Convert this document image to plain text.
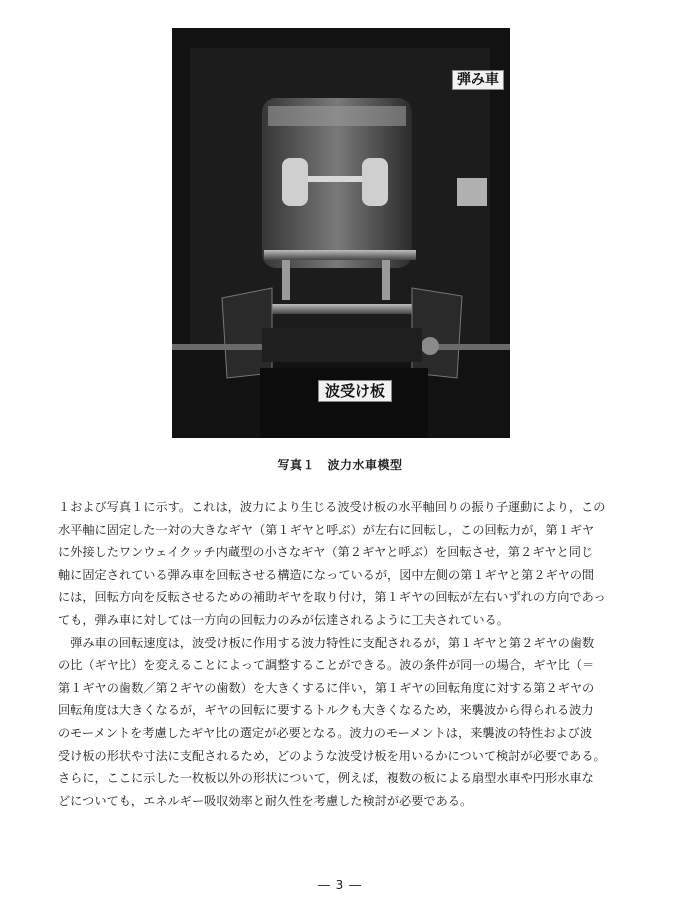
弾み車
波受け板
写真１　波力水車模型
１および写真１に示す。これは，波力により生じる波受け板の水平軸回りの振り子運動により，この
水平軸に固定した一対の大きなギヤ（第１ギヤと呼ぶ）が左右に回転し，この回転力が，第１ギヤ
に外接したワンウェイクッチ内蔵型の小さなギヤ（第２ギヤと呼ぶ）を回転させ，第２ギヤと同じ
軸に固定されている弾み車を回転させる構造になっているが，図中左側の第１ギヤと第２ギヤの間
には，回転方向を反転させるための補助ギヤを取り付け，第１ギヤの回転が左右いずれの方向であっ
ても，弾み車に対しては一方向の回転力のみが伝達されるように工夫されている。
　弾み車の回転速度は，波受け板に作用する波力特性に支配されるが，第１ギヤと第２ギヤの歯数
の比（ギヤ比）を変えることによって調整することができる。波の条件が同一の場合，ギヤ比（＝
第１ギヤの歯数／第２ギヤの歯数）を大きくするに伴い，第１ギヤの回転角度に対する第２ギヤの
回転角度は大きくなるが，ギヤの回転に要するトルクも大きくなるため，来襲波から得られる波力
のモーメントを考慮したギヤ比の選定が必要となる。波力のモーメントは，来襲波の特性および波
受け板の形状や寸法に支配されるため，どのような波受け板を用いるかについて検討が必要である。
さらに，ここに示した一枚板以外の形状について，例えば，複数の板による扇型水車や円形水車な
どについても，エネルギー吸収効率と耐久性を考慮した検討が必要である。
― 3 ―
